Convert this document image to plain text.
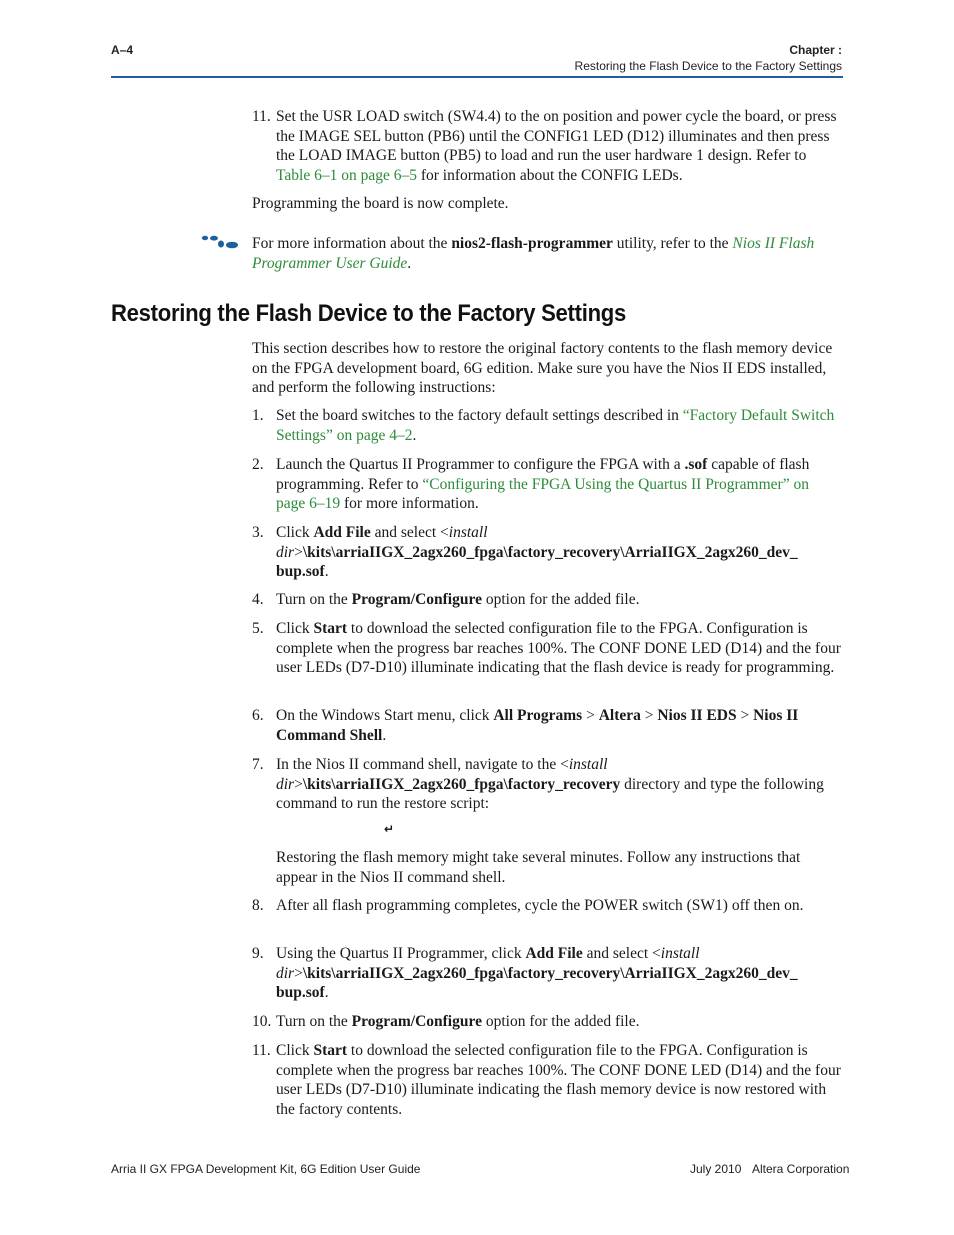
A–4	Chapter :
Restoring the Flash Device to the Factory Settings
11. Set the USR LOAD switch (SW4.4) to the on position and power cycle the board, or press the IMAGE SEL button (PB6) until the CONFIG1 LED (D12) illuminates and then press the LOAD IMAGE button (PB5) to load and run the user hardware 1 design. Refer to Table 6–1 on page 6–5 for information about the CONFIG LEDs.
Programming the board is now complete.
For more information about the nios2-flash-programmer utility, refer to the Nios II Flash Programmer User Guide.
Restoring the Flash Device to the Factory Settings
This section describes how to restore the original factory contents to the flash memory device on the FPGA development board, 6G edition. Make sure you have the Nios II EDS installed, and perform the following instructions:
1. Set the board switches to the factory default settings described in “Factory Default Switch Settings” on page 4–2.
2. Launch the Quartus II Programmer to configure the FPGA with a .sof capable of flash programming. Refer to “Configuring the FPGA Using the Quartus II Programmer” on page 6–19 for more information.
3. Click Add File and select <install dir>\kits\arriaIIGX_2agx260_fpga\factory_recovery\ArriaIIGX_2agx260_dev_ bup.sof.
4. Turn on the Program/Configure option for the added file.
5. Click Start to download the selected configuration file to the FPGA. Configuration is complete when the progress bar reaches 100%. The CONF DONE LED (D14) and the four user LEDs (D7-D10) illuminate indicating that the flash device is ready for programming.
6. On the Windows Start menu, click All Programs > Altera > Nios II EDS > Nios II Command Shell.
7. In the Nios II command shell, navigate to the <install dir>\kits\arriaIIGX_2agx260_fpga\factory_recovery directory and type the following command to run the restore script:
↵
Restoring the flash memory might take several minutes. Follow any instructions that appear in the Nios II command shell.
8. After all flash programming completes, cycle the POWER switch (SW1) off then on.
9. Using the Quartus II Programmer, click Add File and select <install dir>\kits\arriaIIGX_2agx260_fpga\factory_recovery\ArriaIIGX_2agx260_dev_ bup.sof.
10. Turn on the Program/Configure option for the added file.
11. Click Start to download the selected configuration file to the FPGA. Configuration is complete when the progress bar reaches 100%. The CONF DONE LED (D14) and the four user LEDs (D7-D10) illuminate indicating the flash memory device is now restored with the factory contents.
Arria II GX FPGA Development Kit, 6G Edition User Guide	July 2010 Altera Corporation
